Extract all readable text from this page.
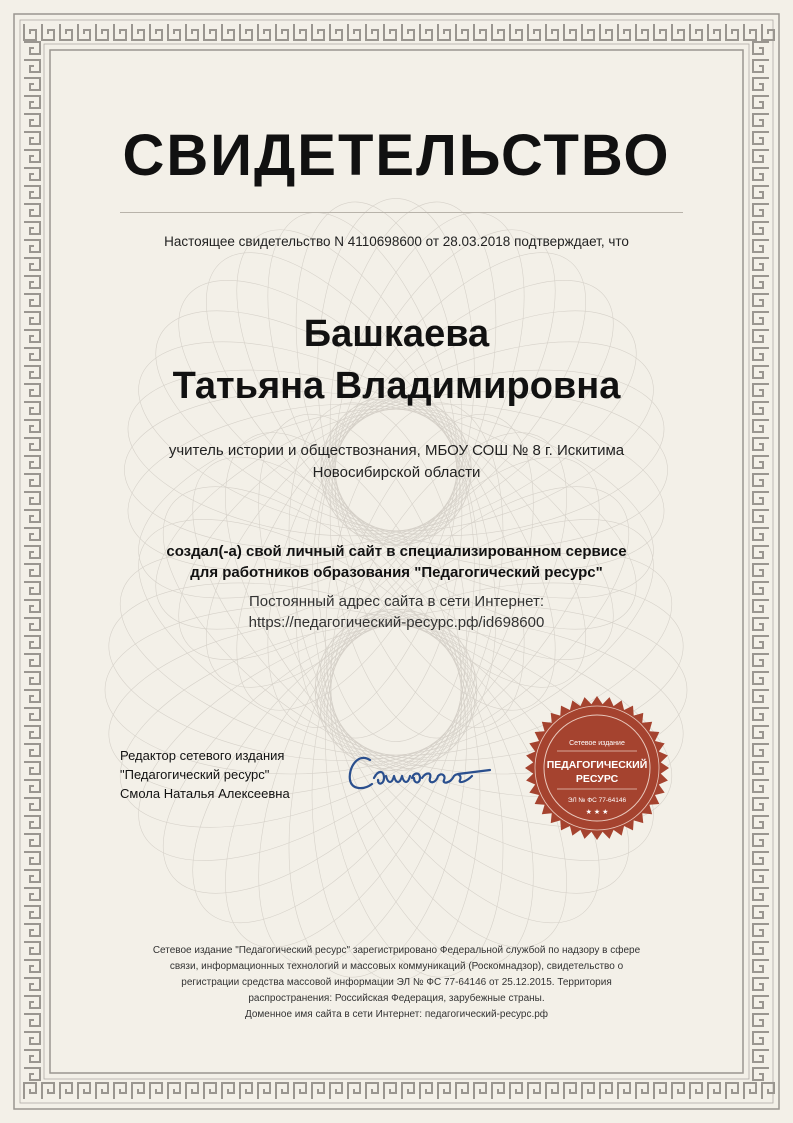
СВИДЕТЕЛЬСТВО
Настоящее свидетельство N 4110698600 от 28.03.2018 подтверждает, что
Башкаева
Татьяна Владимировна
учитель истории и обществознания, МБОУ СОШ № 8 г. Искитима
Новосибирской области
создал(-а) свой личный сайт в специализированном сервисе
для работников образования "Педагогический ресурс"
Постоянный адрес сайта в сети Интернет:
https://педагогический-ресурс.рф/id698600
Редактор сетевого издания
"Педагогический ресурс"
Смола Наталья Алексеевна
Сетевое издание
ПЕДАГОГИЧЕСКИЙ
РЕСУРС
ЭЛ № ФС 77-64146
★ ★ ★
Сетевое издание "Педагогический ресурс" зарегистрировано Федеральной службой по надзору в сфере
связи, информационных технологий и массовых коммуникаций (Роскомнадзор), свидетельство о
регистрации средства массовой информации ЭЛ № ФС 77-64146 от 25.12.2015. Территория
распространения: Российская Федерация, зарубежные страны.
Доменное имя сайта в сети Интернет: педагогический-ресурс.рф
